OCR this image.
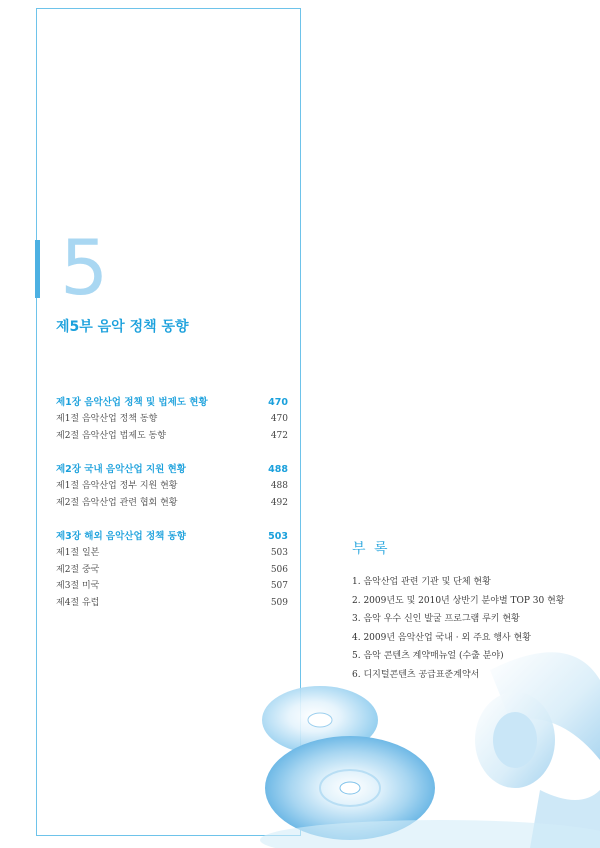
5
제5부 음악 정책 동향
제1장 음악산업 정책 및 법제도 현황	470
제1절 음악산업 정책 동향	470
제2절 음악산업 법제도 동향	472
제2장 국내 음악산업 지원 현황	488
제1절 음악산업 정부 지원 현황	488
제2절 음악산업 관련 협회 현황	492
제3장 해외 음악산업 정책 동향	503
제1절 일본	503
제2절 중국	506
제3절 미국	507
제4절 유럽	509
부 록
1. 음악산업 관련 기관 및 단체 현황
2. 2009년도 및 2010년 상반기 분야별 TOP 30 현황
3. 음악 우수 신인 발굴 프로그램 루키 현황
4. 2009년 음악산업 국내 · 외 주요 행사 현황
5. 음악 콘텐츠 계약매뉴얼 (수출 분야)
6. 디지털콘텐츠 공급표준계약서
